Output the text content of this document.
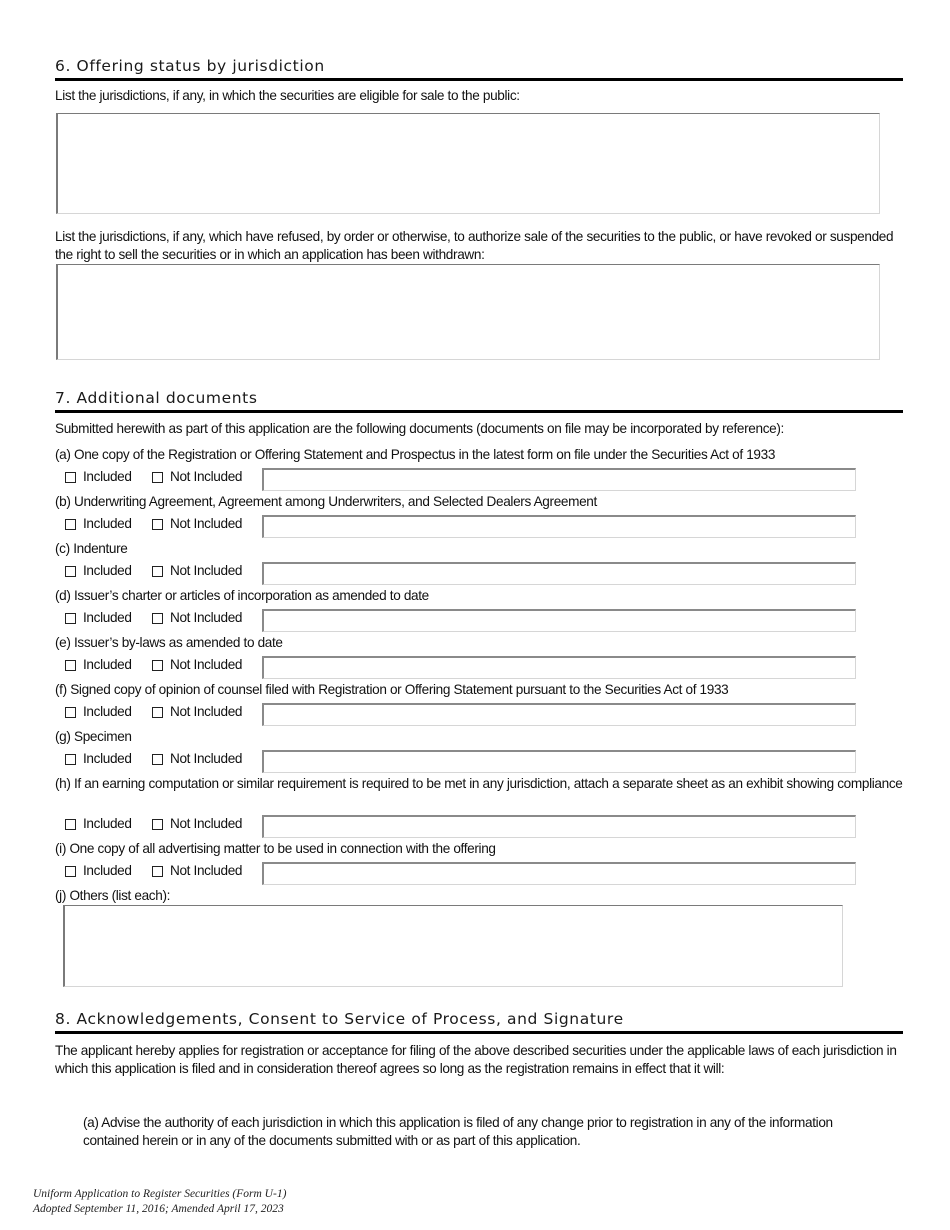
6. Offering status by jurisdiction
List the jurisdictions, if any, in which the securities are eligible for sale to the public:
List the jurisdictions, if any, which have refused, by order or otherwise, to authorize sale of the securities to the public, or have revoked or suspended the right to sell the securities or in which an application has been withdrawn:
7. Additional documents
Submitted herewith as part of this application are the following documents (documents on file may be incorporated by reference):
(a) One copy of the Registration or Offering Statement and Prospectus in the latest form on file under the Securities Act of 1933
Included	Not Included
(b) Underwriting Agreement, Agreement among Underwriters, and Selected Dealers Agreement
Included	Not Included
(c) Indenture
Included	Not Included
(d) Issuer’s charter or articles of incorporation as amended to date
Included	Not Included
(e) Issuer’s by-laws as amended to date
Included	Not Included
(f) Signed copy of opinion of counsel filed with Registration or Offering Statement pursuant to the Securities Act of 1933
Included	Not Included
(g) Specimen
Included	Not Included
(h) If an earning computation or similar requirement is required to be met in any jurisdiction, attach a separate sheet as an exhibit showing compliance
Included	Not Included
(i) One copy of all advertising matter to be used in connection with the offering
Included	Not Included
(j) Others (list each):
8. Acknowledgements, Consent to Service of Process, and Signature
The applicant hereby applies for registration or acceptance for filing of the above described securities under the applicable laws of each jurisdiction in which this application is filed and in consideration thereof agrees so long as the registration remains in effect that it will:
(a) Advise the authority of each jurisdiction in which this application is filed of any change prior to registration in any of the information contained herein or in any of the documents submitted with or as part of this application.
Uniform Application to Register Securities (Form U-1)
Adopted September 11, 2016; Amended April 17, 2023
